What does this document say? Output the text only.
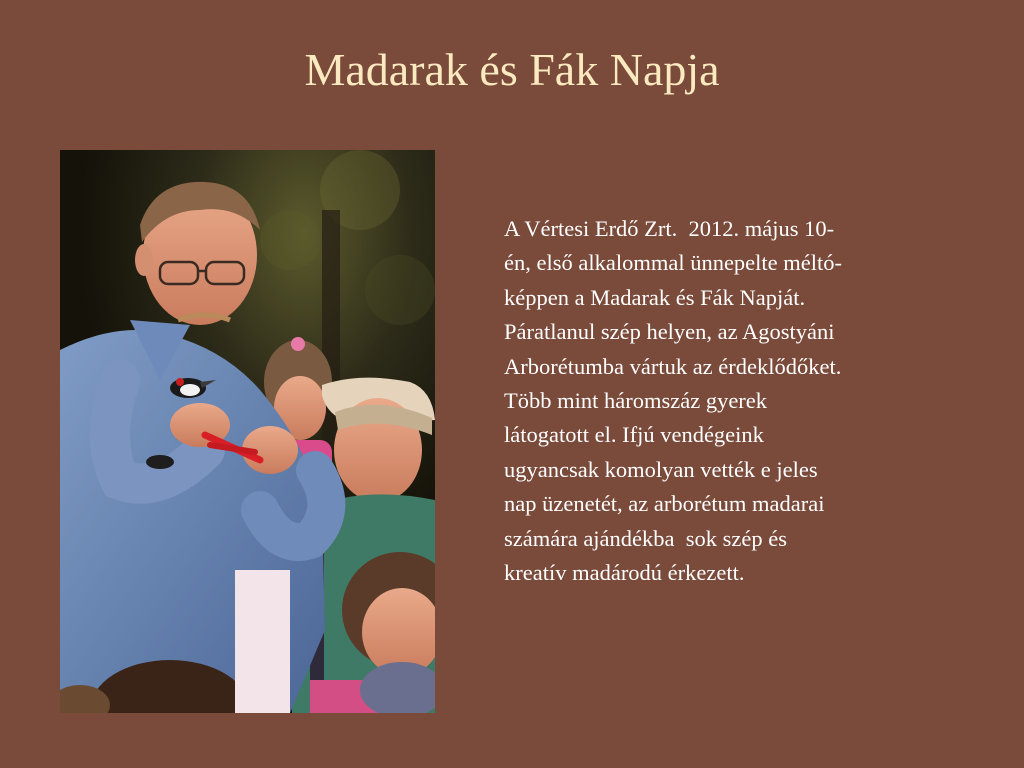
Madarak és Fák Napja

A Vértesi Erdő Zrt.  2012. május 10-
én, első alkalommal ünnepelte méltó-
képpen a Madarak és Fák Napját.
Páratlanul szép helyen, az Agostyáni
Arborétumba vártuk az érdeklődőket.
Több mint háromszáz gyerek
látogatott el. Ifjú vendégeink
ugyancsak komolyan vették e jeles
nap üzenetét, az arborétum madarai
számára ajándékba  sok szép és
kreatív madárodú érkezett.
